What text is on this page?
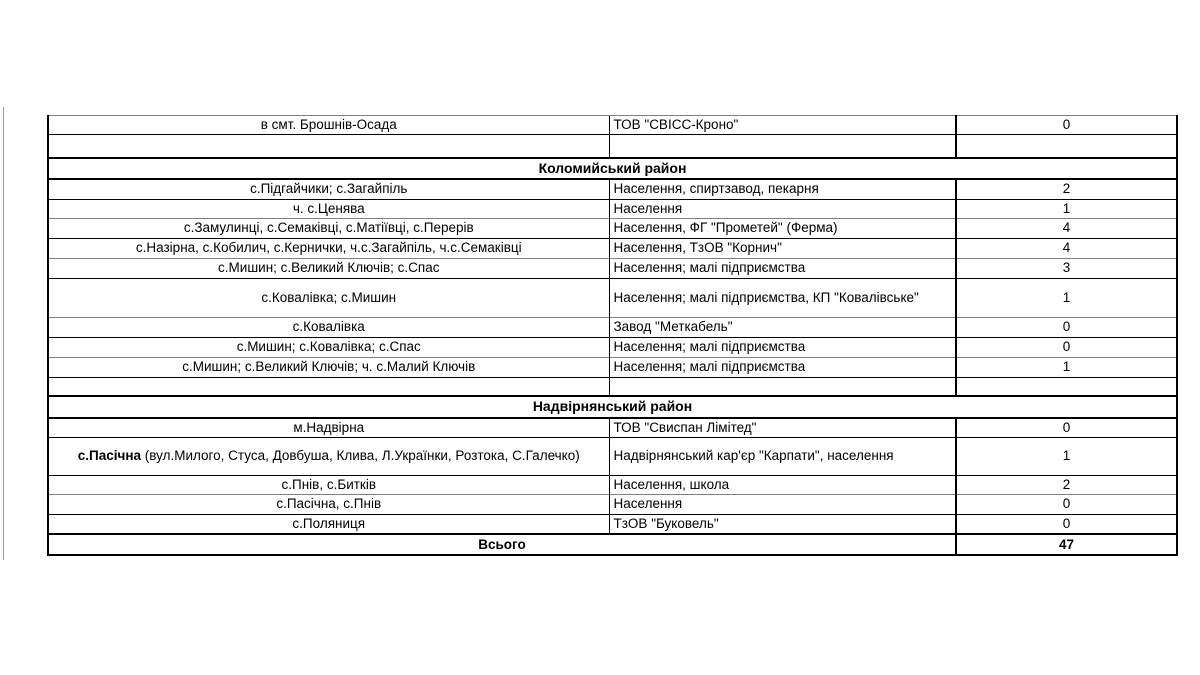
в смт. Брошнів-Осада	ТОВ "СВІСС-Кроно"	0

Коломийський район		
с.Підгайчики; с.Загайпіль	Населення, спиртзавод, пекарня	2
ч. с.Ценява	Населення	1
с.Замулинці, с.Семаківці, с.Матіївці, с.Перерів	Населення, ФГ "Прометей" (Ферма)	4
с.Назірна, с.Кобилич, с.Кернички, ч.с.Загайпіль, ч.с.Семаківці	Населення, ТзОВ "Корнич"	4
с.Мишин; с.Великий Ключів; с.Спас	Населення; малі підприємства	3
с.Ковалівка; с.Мишин	Населення; малі підприємства, КП "Ковалівське"	1
с.Ковалівка	Завод "Меткабель"	0
с.Мишин; с.Ковалівка; с.Спас	Населення; малі підприємства	0
с.Мишин; с.Великий Ключів; ч. с.Малий Ключів	Населення; малі підприємства	1

Надвірнянський район		
м.Надвірна	ТОВ "Свиспан Лімітед"	0
с.Пасічна (вул.Милого, Стуса, Довбуша, Клива, Л.Українки, Розтока, С.Галечко)	Надвірнянський кар'єр "Карпати", населення	1
с.Пнів, с.Битків	Населення, школа	2
с.Пасічна, с.Пнів	Населення	0
с.Поляниця	ТзОВ "Буковель"	0
Всього		47
